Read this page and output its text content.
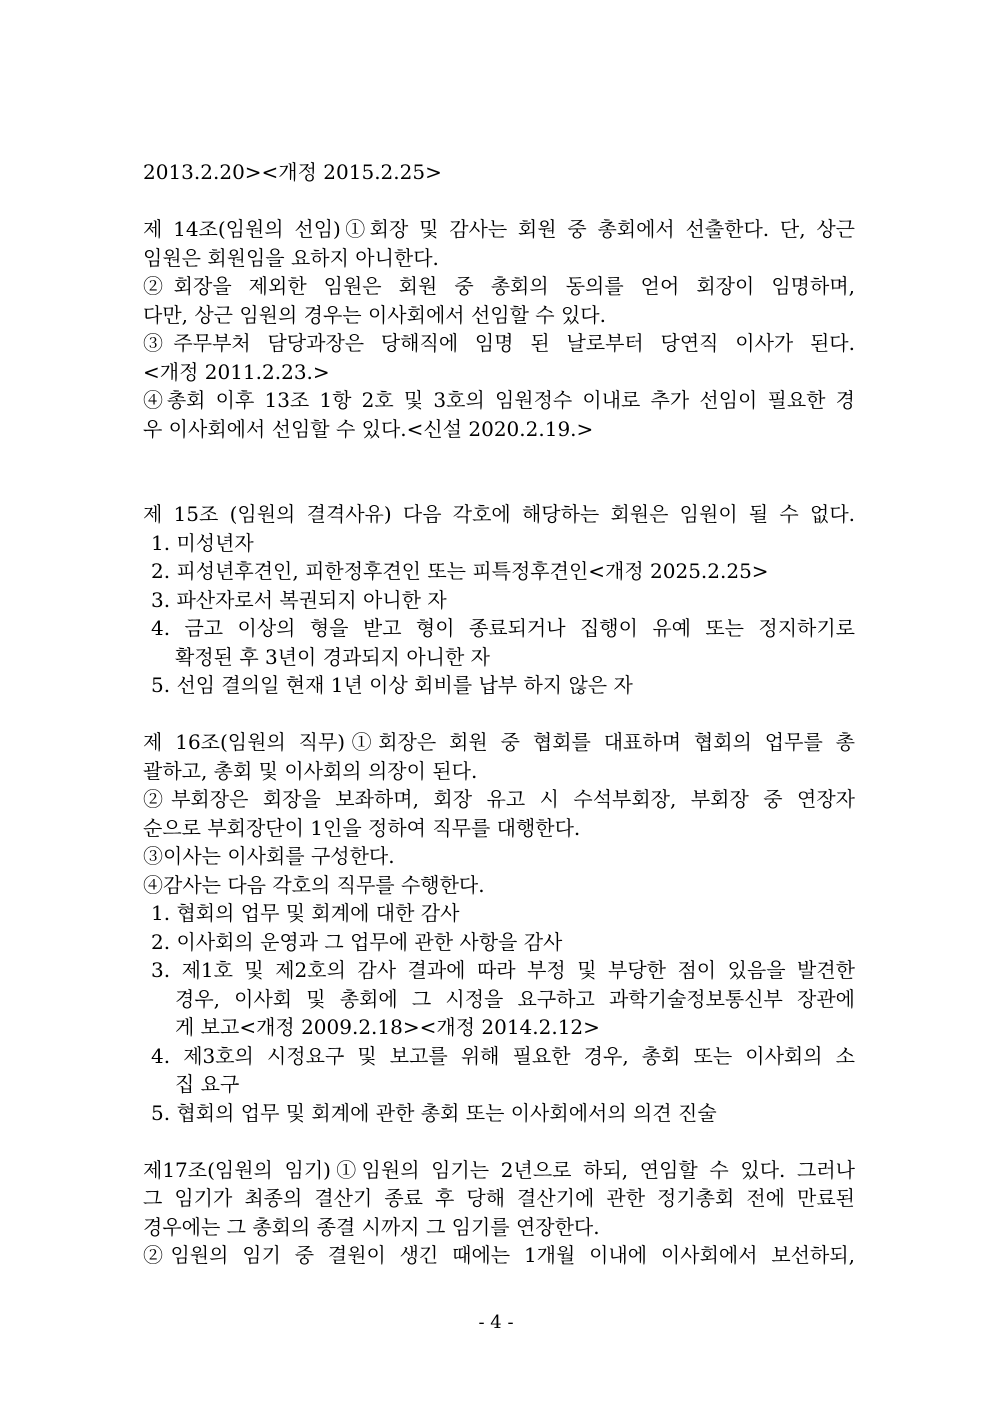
2013.2.20><개정 2015.2.25>
제 14조(임원의 선임)①회장 및 감사는 회원 중 총회에서 선출한다. 단, 상근
임원은 회원임을 요하지 아니한다.
②회장을 제외한 임원은 회원 중 총회의 동의를 얻어 회장이 임명하며,
다만, 상근 임원의 경우는 이사회에서 선임할 수 있다.
③주무부처 담당과장은 당해직에 임명 된 날로부터 당연직 이사가 된다.
<개정 2011.2.23.>
④총회 이후 13조 1항 2호 및 3호의 임원정수 이내로 추가 선임이 필요한 경
우 이사회에서 선임할 수 있다.<신설 2020.2.19.>
제 15조 (임원의 결격사유) 다음 각호에 해당하는 회원은 임원이 될 수 없다.
1. 미성년자
2. 피성년후견인, 피한정후견인 또는 피특정후견인<개정 2025.2.25>
3. 파산자로서 복권되지 아니한 자
4. 금고 이상의 형을 받고 형이 종료되거나 집행이 유예 또는 정지하기로
확정된 후 3년이 경과되지 아니한 자
5. 선임 결의일 현재 1년 이상 회비를 납부 하지 않은 자
제 16조(임원의 직무)①회장은 회원 중 협회를 대표하며 협회의 업무를 총
괄하고, 총회 및 이사회의 의장이 된다.
②부회장은 회장을 보좌하며, 회장 유고 시 수석부회장, 부회장 중 연장자
순으로 부회장단이 1인을 정하여 직무를 대행한다.
③이사는 이사회를 구성한다.
④감사는 다음 각호의 직무를 수행한다.
1. 협회의 업무 및 회계에 대한 감사
2. 이사회의 운영과 그 업무에 관한 사항을 감사
3. 제1호 및 제2호의 감사 결과에 따라 부정 및 부당한 점이 있음을 발견한
경우, 이사회 및 총회에 그 시정을 요구하고 과학기술정보통신부 장관에
게 보고<개정 2009.2.18><개정 2014.2.12>
4. 제3호의 시정요구 및 보고를 위해 필요한 경우, 총회 또는 이사회의 소
집 요구
5. 협회의 업무 및 회계에 관한 총회 또는 이사회에서의 의견 진술
제17조(임원의 임기)①임원의 임기는 2년으로 하되, 연임할 수 있다. 그러나
그 임기가 최종의 결산기 종료 후 당해 결산기에 관한 정기총회 전에 만료된
경우에는 그 총회의 종결 시까지 그 임기를 연장한다.
②임원의 임기 중 결원이 생긴 때에는 1개월 이내에 이사회에서 보선하되,
- 4 -
